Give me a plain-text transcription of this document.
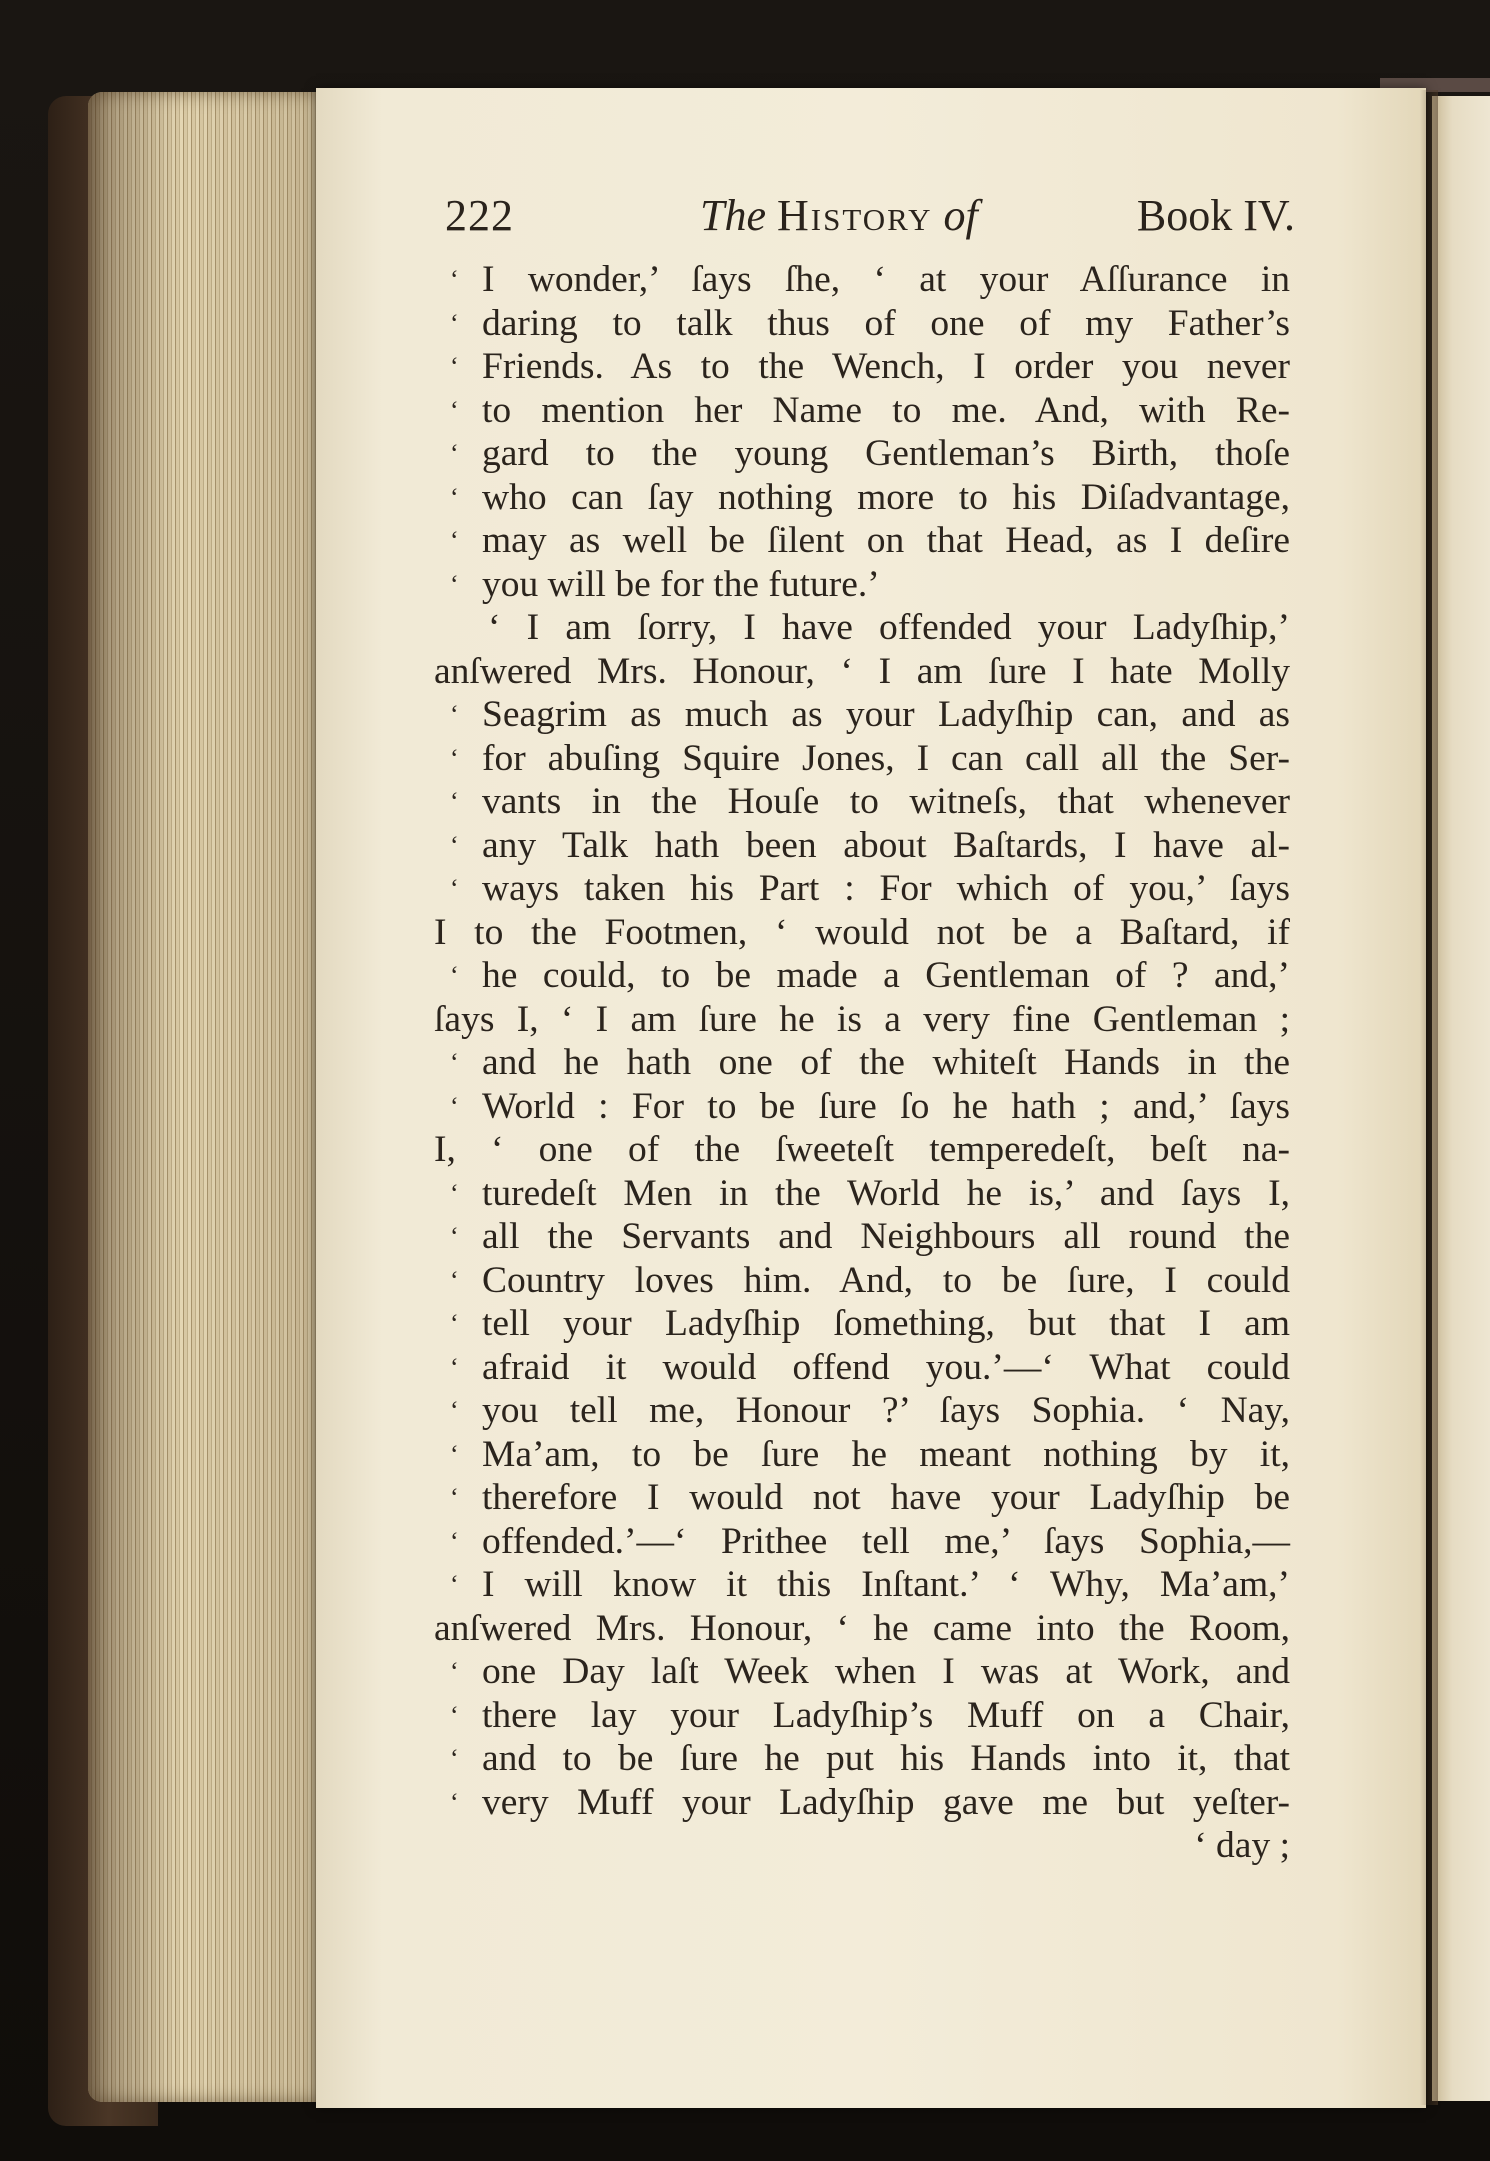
222	The History of	Book IV.
‘ I wonder,’ ſays ſhe, ‘ at your Aſſurance in
‘ daring to talk thus of one of my Father’s
‘ Friends. As to the Wench, I order you never
‘ to mention her Name to me. And, with Re-
‘ gard to the young Gentleman’s Birth, thoſe
‘ who can ſay nothing more to his Diſadvantage,
‘ may as well be ſilent on that Head, as I deſire
‘ you will be for the future.’
‘ I am ſorry, I have offended your Ladyſhip,’
anſwered Mrs. Honour, ‘ I am ſure I hate Molly
‘ Seagrim as much as your Ladyſhip can, and as
‘ for abuſing Squire Jones, I can call all the Ser-
‘ vants in the Houſe to witneſs, that whenever
‘ any Talk hath been about Baſtards, I have al-
‘ ways taken his Part : For which of you,’ ſays
I to the Footmen, ‘ would not be a Baſtard, if
‘ he could, to be made a Gentleman of ? and,’
ſays I, ‘ I am ſure he is a very fine Gentleman ;
‘ and he hath one of the whiteſt Hands in the
‘ World : For to be ſure ſo he hath ; and,’ ſays
I, ‘ one of the ſweeteſt temperedeſt, beſt na-
‘ turedeſt Men in the World he is,’ and ſays I,
‘ all the Servants and Neighbours all round the
‘ Country loves him. And, to be ſure, I could
‘ tell your Ladyſhip ſomething, but that I am
‘ afraid it would offend you.’—‘ What could
‘ you tell me, Honour ?’ ſays Sophia. ‘ Nay,
‘ Ma’am, to be ſure he meant nothing by it,
‘ therefore I would not have your Ladyſhip be
‘ offended.’—‘ Prithee tell me,’ ſays Sophia,—
‘ I will know it this Inſtant.’ ‘ Why, Ma’am,’
anſwered Mrs. Honour, ‘ he came into the Room,
‘ one Day laſt Week when I was at Work, and
‘ there lay your Ladyſhip’s Muff on a Chair,
‘ and to be ſure he put his Hands into it, that
‘ very Muff your Ladyſhip gave me but yeſter-
‘ day ;
